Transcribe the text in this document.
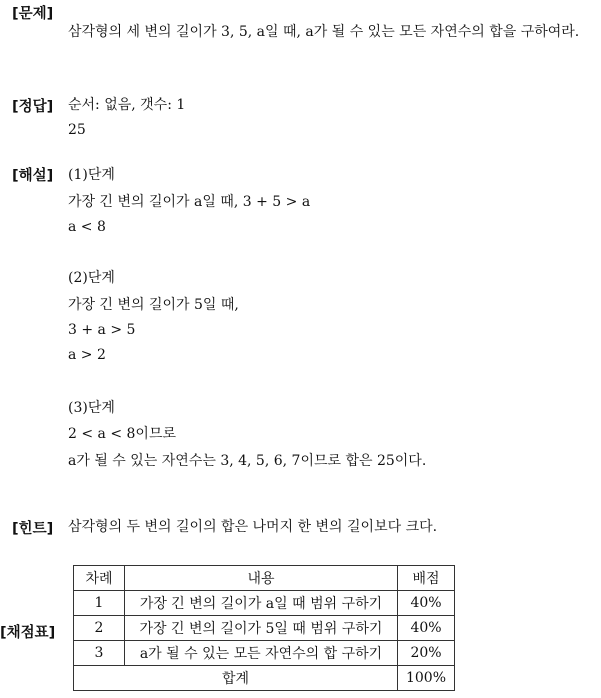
[문제]
삼각형의 세 변의 길이가 3, 5, a일 때, a가 될 수 있는 모든 자연수의 합을 구하여라.
[정답] 순서: 없음, 갯수: 1
25
[해설] (1)단계
가장 긴 변의 길이가 a일 때, 3 + 5 > a
a < 8
(2)단계
가장 긴 변의 길이가 5일 때,
3 + a > 5
a > 2
(3)단계
2 < a < 8이므로
a가 될 수 있는 자연수는 3, 4, 5, 6, 7이므로 합은 25이다.
[힌트] 삼각형의 두 변의 길이의 합은 나머지 한 변의 길이보다 크다.
[채점표]
차례	내용	배점
1	가장 긴 변의 길이가 a일 때 범위 구하기	40%
2	가장 긴 변의 길이가 5일 때 범위 구하기	40%
3	a가 될 수 있는 모든 자연수의 합 구하기	20%
합계		100%
